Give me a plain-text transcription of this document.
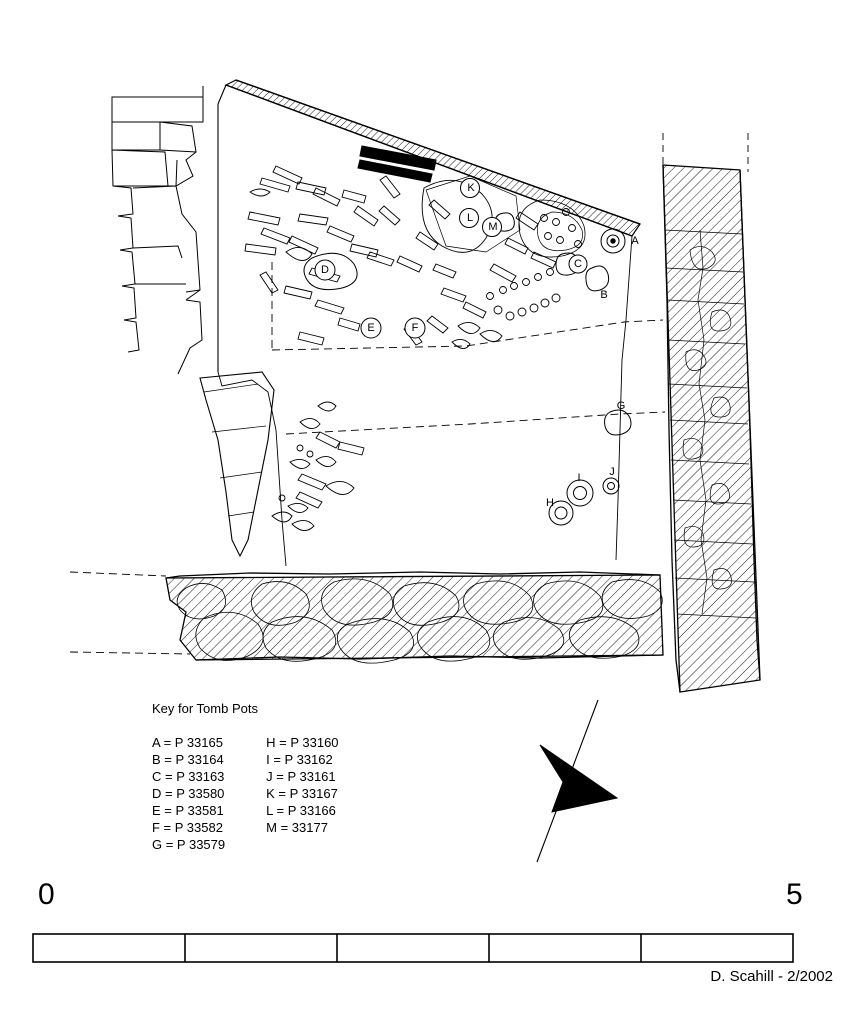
A
B
C
D
E	F
G
H
I	J
K
L
M
Key for Tomb Pots
A = P 33165
B = P 33164
C = P 33163
D = P 33580
E = P 33581
F = P 33582
G = P 33579
H = P 33160
I = P 33162
J = P 33161
K = P 33167
L = P 33166
M = 33177
0	5
D. Scahill - 2/2002
